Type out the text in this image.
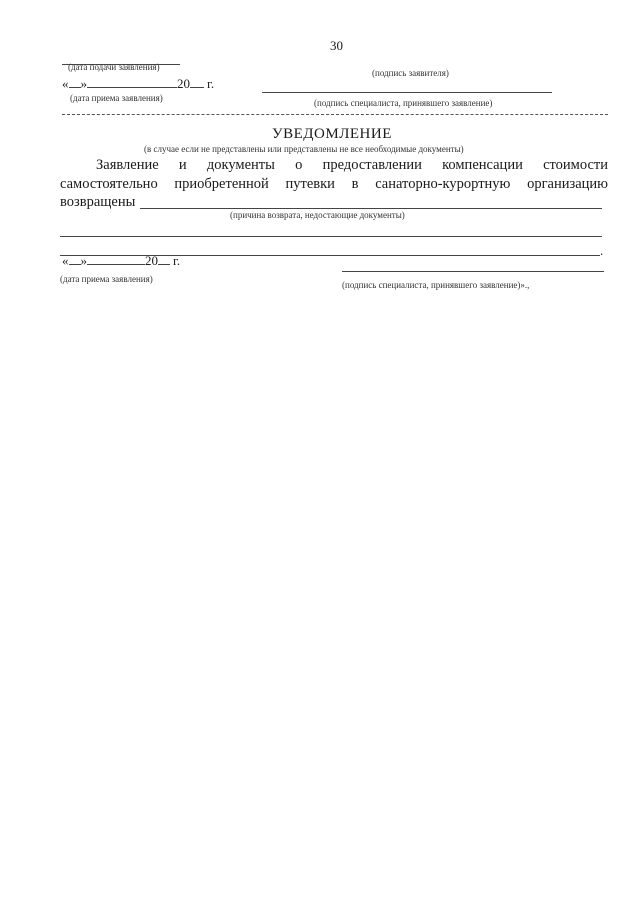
30
(дата подачи заявления)
(подпись заявителя)
« »	20 г.
(дата приема заявления)	(подпись специалиста, принявшего заявление)
УВЕДОМЛЕНИЕ
(в случае если не представлены или представлены не все необходимые документы)
Заявление и документы о предоставлении компенсации стоимости
самостоятельно приобретенной путевки в санаторно-курортную организацию
возвращены
(причина возврата, недостающие документы)
.
« »	20 г.
(дата приема заявления)
(подпись специалиста, принявшего заявление)».,
